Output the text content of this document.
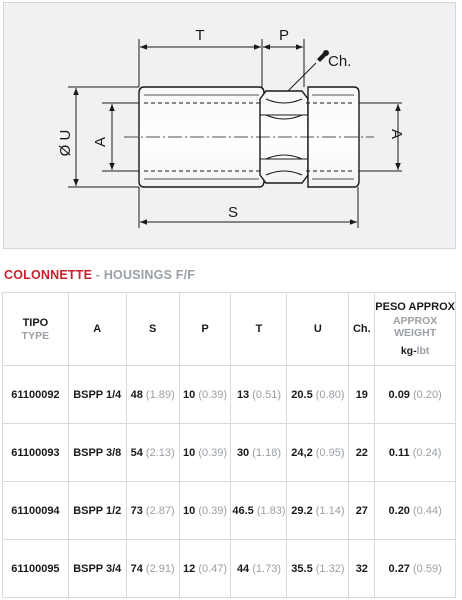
T	P
Ch.
S
Ø U A
A
COLONNETTE - HOUSINGS F/F
TIPO
TYPE	A	S	P	T	U	Ch.	PESO APPROX
APPROX WEIGHT
kg-lbt

61100092	BSPP 1/4	48 (1.89)	10 (0.39)	13 (0.51)	20.5 (0.80)	19	0.09 (0.20)
61100093	BSPP 3/8	54 (2.13)	10 (0.39)	30 (1.18)	24,2 (0.95)	22	0.11 (0.24)
61100094	BSPP 1/2	73 (2.87)	10 (0.39)	46.5 (1.83)	29.2 (1.14)	27	0.20 (0.44)
61100095	BSPP 3/4	74 (2.91)	12 (0.47)	44 (1.73)	35.5 (1.32)	32	0.27 (0.59)
